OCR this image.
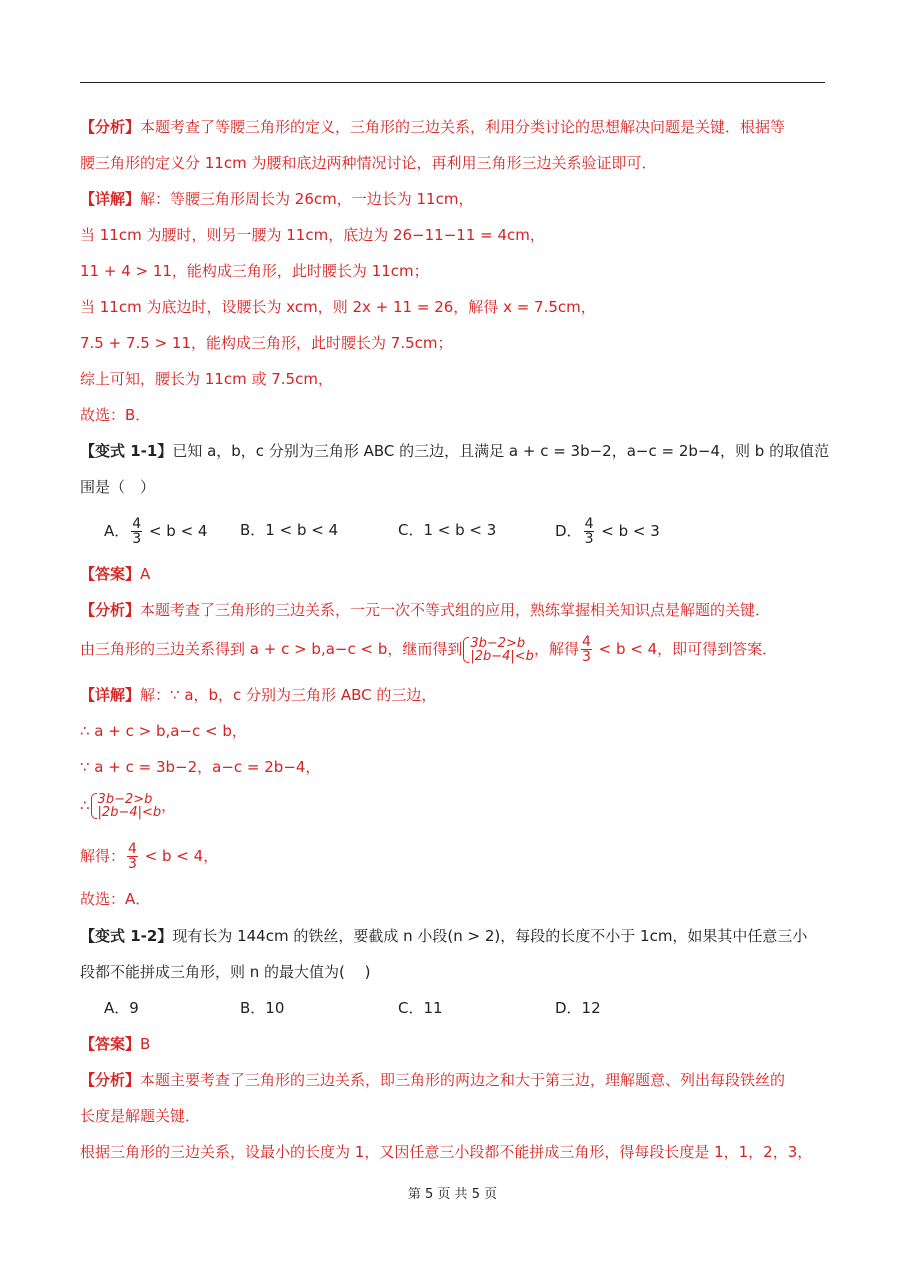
【分析】本题考查了等腰三角形的定义，三角形的三边关系，利用分类讨论的思想解决问题是关键．根据等
腰三角形的定义分 11cm 为腰和底边两种情况讨论，再利用三角形三边关系验证即可．
【详解】解：等腰三角形周长为 26cm，一边长为 11cm，
当 11cm 为腰时，则另一腰为 11cm，底边为 26−11−11 = 4cm，
11 + 4 > 11，能构成三角形，此时腰长为 11cm；
当 11cm 为底边时，设腰长为 xcm，则 2x + 11 = 26，解得 x = 7.5cm，
7.5 + 7.5 > 11，能构成三角形，此时腰长为 7.5cm；
综上可知，腰长为 11cm 或 7.5cm，
故选：B．
【变式 1-1】已知 a，b，c 分别为三角形 ABC 的三边，且满足 a + c = 3b−2，a−c = 2b−4，则 b 的取值范
围是（　）
A． $\frac{4}{3} < b < 4$ B．1 < b < 4	C．1 < b < 3	D． $\frac{4}{3} < b < 3$
【答案】A
【分析】本题考查了三角形的三边关系，一元一次不等式组的应用，熟练掌握相关知识点是解题的关键．
由三角形的三边关系得到 a + c > b,a−c < b，继而得到 3b−2>b
|2b−4|<b ，解得 $\frac{4}{3} < b < 4$，即可得到答案．
【详解】解：∵ a，b，c 分别为三角形 ABC 的三边，
∴ a + c > b,a−c < b，
∵ a + c = 3b−2，a−c = 2b−4，
∴ 3b−2>b
|2b−4|<b ，
解得： $\frac{4}{3} < b < 4$，
故选：A．
【变式 1-2】现有长为 144cm 的铁丝，要截成 n 小段(n > 2)，每段的长度不小于 1cm，如果其中任意三小
段都不能拼成三角形，则 n 的最大值为(　 )
A．9	B．10	C．11	D．12
【答案】B
【分析】本题主要考查了三角形的三边关系，即三角形的两边之和大于第三边，理解题意、列出每段铁丝的
长度是解题关键．
根据三角形的三边关系，设最小的长度为 1，又因任意三小段都不能拼成三角形，得每段长度是 1，1，2，3，
第 5 页 共 5 页
